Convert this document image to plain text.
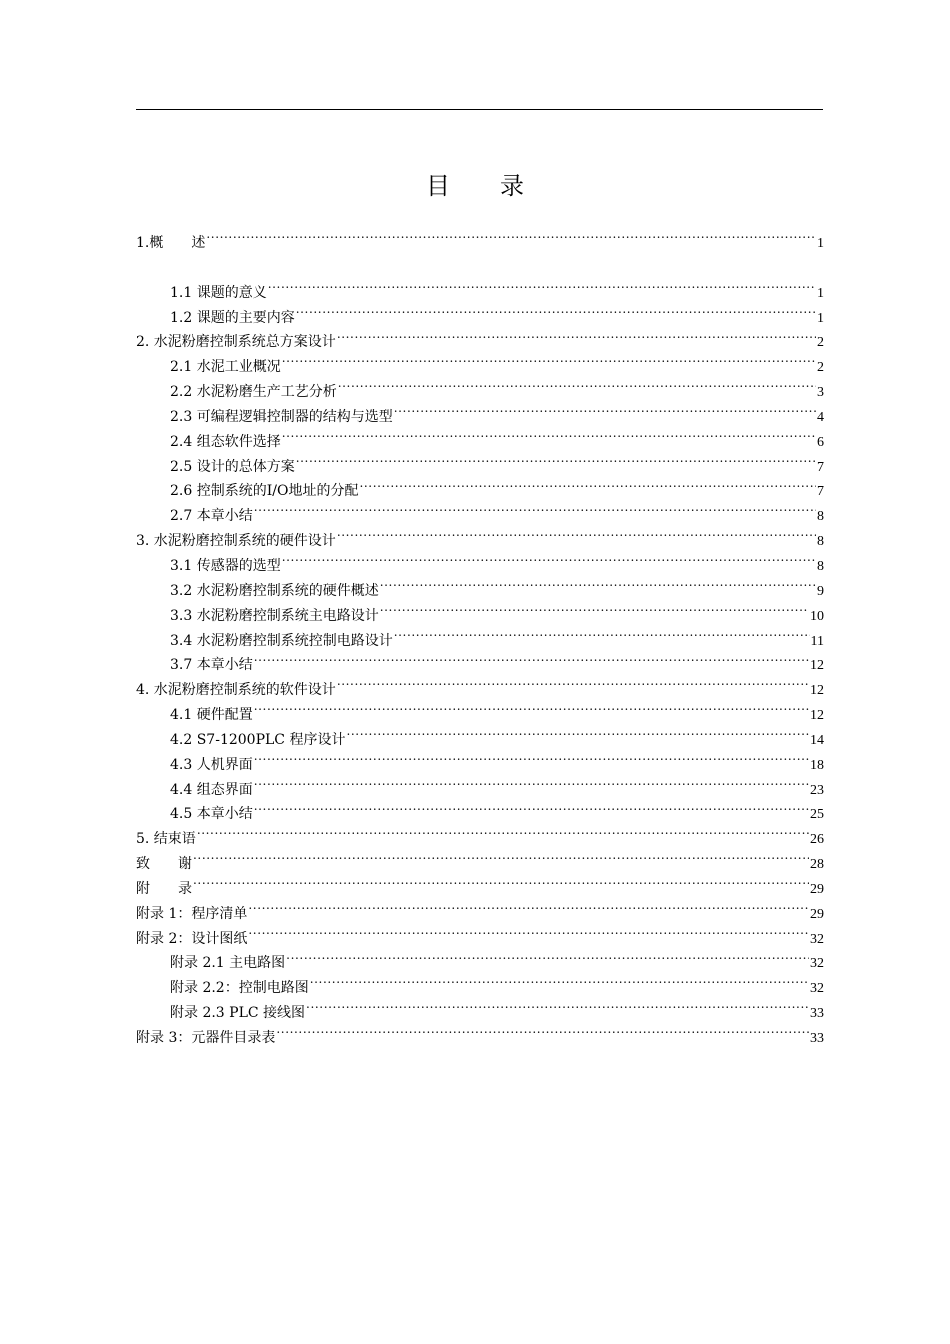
目录
1.概　　述 .....	1
1.1 课题的意义 .....	1
1.2 课题的主要内容 .....	1
2. 水泥粉磨控制系统总方案设计 .....	2
2.1 水泥工业概况 .....	2
2.2 水泥粉磨生产工艺分析 .....	3
2.3 可编程逻辑控制器的结构与选型 .....	4
2.4 组态软件选择 .....	6
2.5 设计的总体方案 .....	7
2.6 控制系统的I/O地址的分配 .....	7
2.7 本章小结 .....	8
3. 水泥粉磨控制系统的硬件设计 .....	8
3.1 传感器的选型 .....	8
3.2 水泥粉磨控制系统的硬件概述 .....	9
3.3 水泥粉磨控制系统主电路设计 .....	10
3.4 水泥粉磨控制系统控制电路设计 .....	11
3.7 本章小结 .....	12
4. 水泥粉磨控制系统的软件设计 .....	12
4.1 硬件配置 .....	12
4.2 S7-1200PLC 程序设计 .....	14
4.3 人机界面 .....	18
4.4 组态界面 .....	23
4.5 本章小结 .....	25
5. 结束语 .....	26
致　　谢 .....	28
附　　录 .....	29
附录 1：程序清单 .....	29
附录 2：设计图纸 .....	32
附录 2.1 主电路图 .....	32
附录 2.2：控制电路图 .....	32
附录 2.3 PLC 接线图 .....	33
附录 3：元器件目录表 .....	33
